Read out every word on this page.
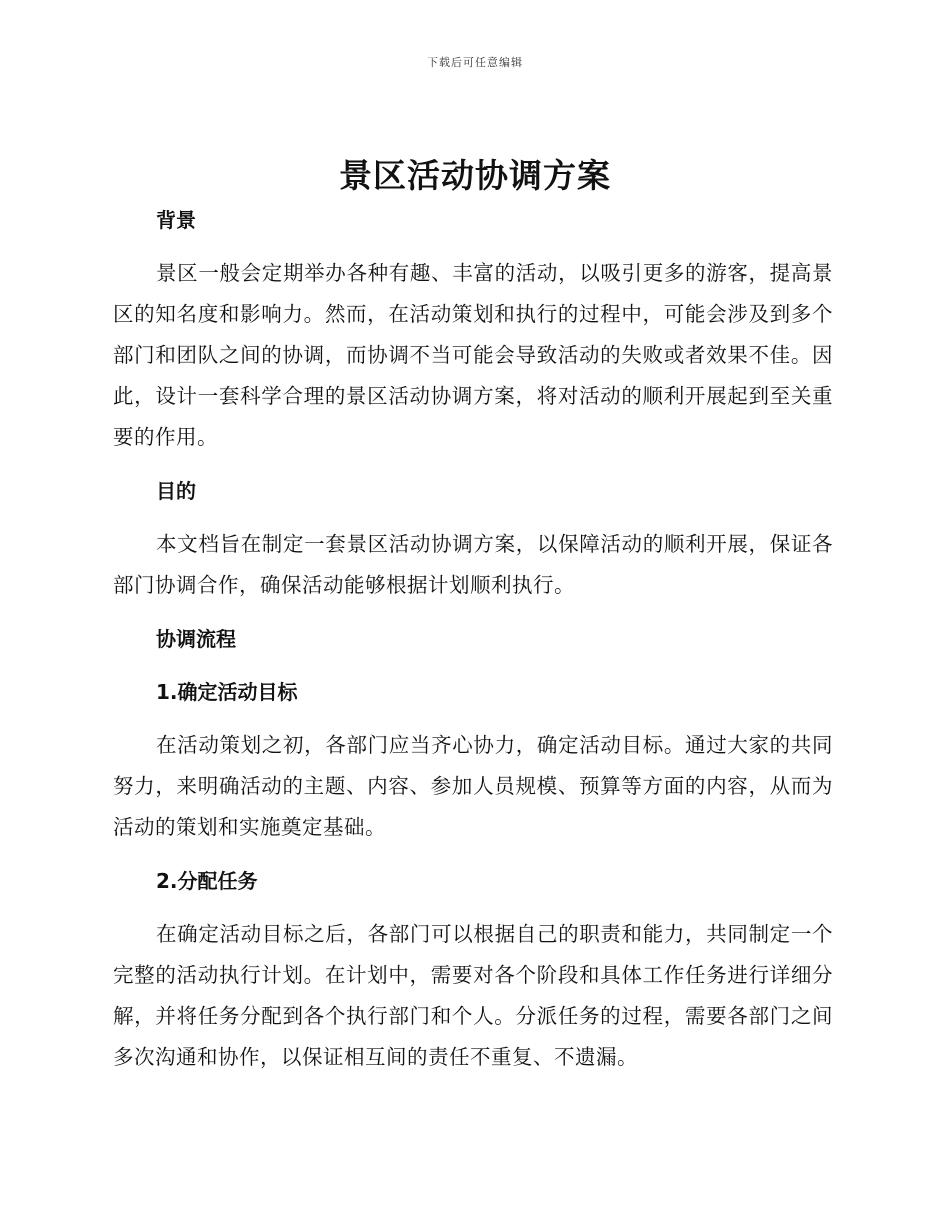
下载后可任意编辑
景区活动协调方案
背景

景区一般会定期举办各种有趣、丰富的活动，以吸引更多的游客，提高景区的知名度和影响力。然而，在活动策划和执行的过程中，可能会涉及到多个部门和团队之间的协调，而协调不当可能会导致活动的失败或者效果不佳。因此，设计一套科学合理的景区活动协调方案，将对活动的顺利开展起到至关重要的作用。

目的

本文档旨在制定一套景区活动协调方案，以保障活动的顺利开展，保证各部门协调合作，确保活动能够根据计划顺利执行。

协调流程
1.确定活动目标

在活动策划之初，各部门应当齐心协力，确定活动目标。通过大家的共同努力，来明确活动的主题、内容、参加人员规模、预算等方面的内容，从而为活动的策划和实施奠定基础。

2.分配任务

在确定活动目标之后，各部门可以根据自己的职责和能力，共同制定一个完整的活动执行计划。在计划中，需要对各个阶段和具体工作任务进行详细分解，并将任务分配到各个执行部门和个人。分派任务的过程，需要各部门之间多次沟通和协作，以保证相互间的责任不重复、不遗漏。
